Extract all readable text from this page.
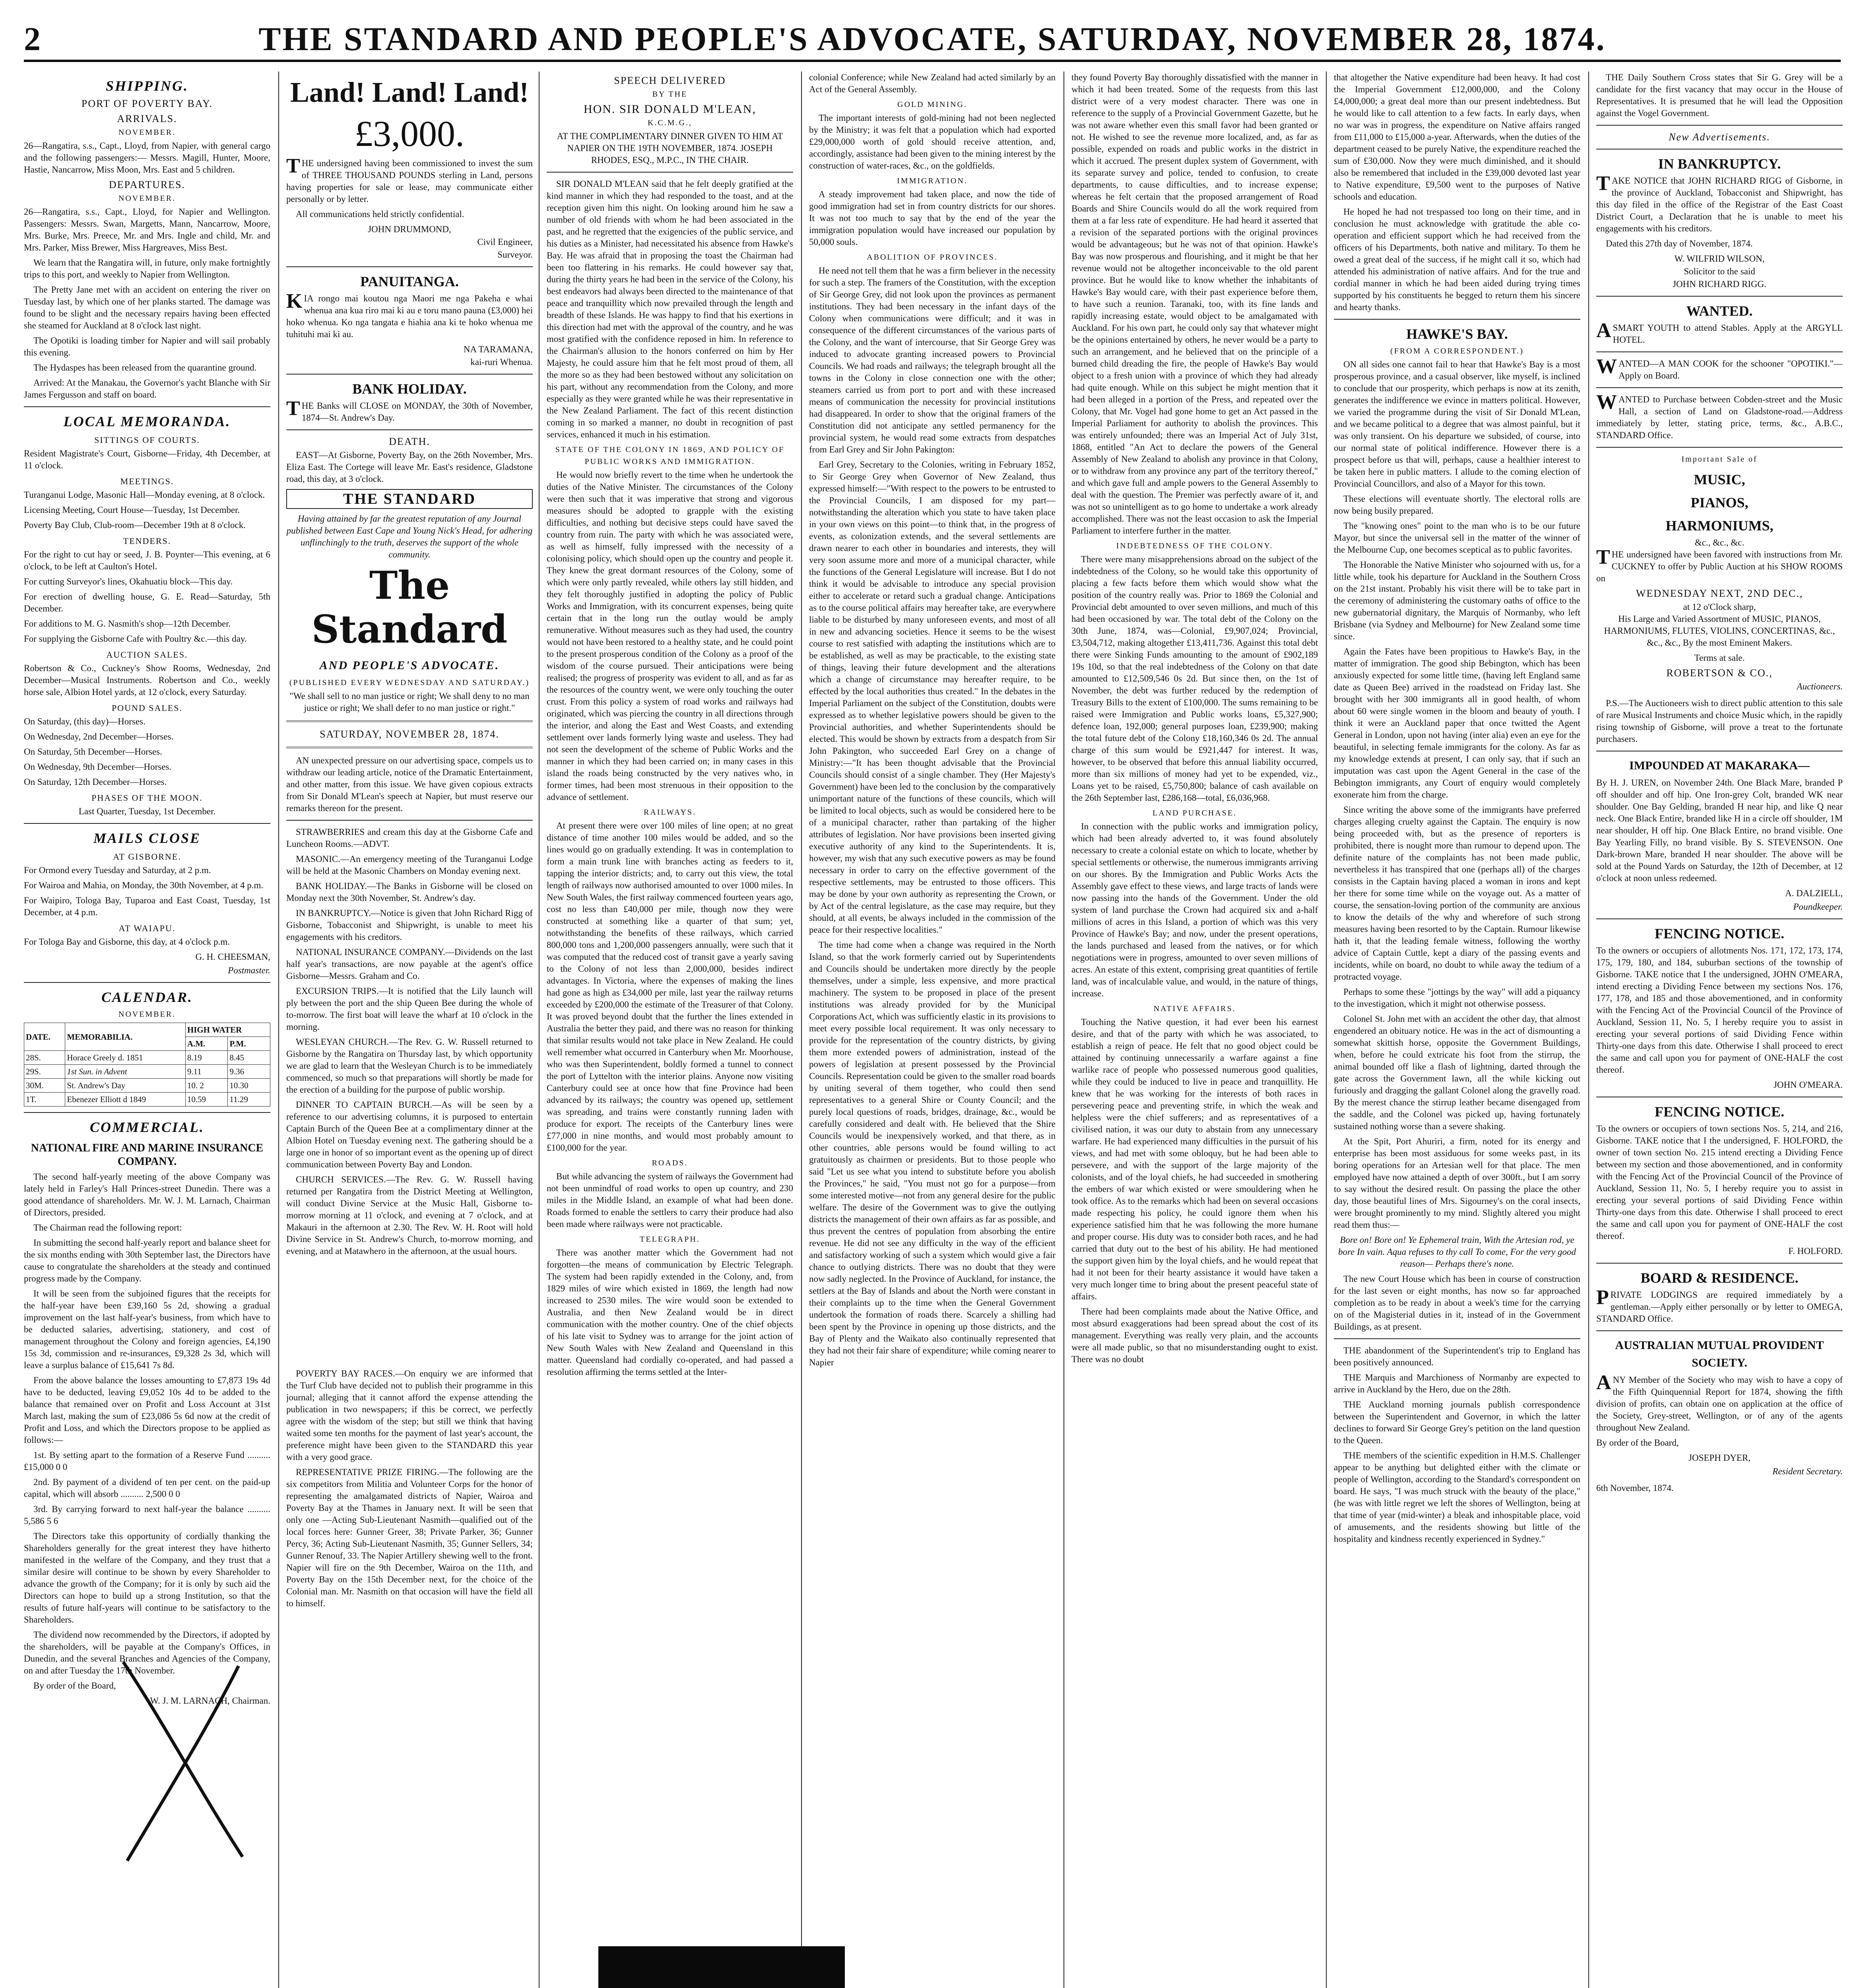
2	THE STANDARD AND PEOPLE'S ADVOCATE, SATURDAY, NOVEMBER 28, 1874.
SHIPPING.
PORT OF POVERTY BAY.
ARRIVALS.
NOVEMBER.

26—Rangatira, s.s., Capt., Lloyd, from Napier, with general cargo and the following passengers:— Messrs. Magill, Hunter, Moore, Hastie, Nancarrow, Miss Moon, Mrs. East and 5 children.

DEPARTURES.
NOVEMBER.

26—Rangatira, s.s., Capt., Lloyd, for Napier and Wellington. Passengers: Messrs. Swan, Margetts, Mann, Nancarrow, Moore, Mrs. Burke, Mrs. Preece, Mr. and Mrs. Ingle and child, Mr. and Mrs. Parker, Miss Brewer, Miss Hargreaves, Miss Best.

We learn that the Rangatira will, in future, only make fortnightly trips to this port, and weekly to Napier from Wellington.

The Pretty Jane met with an accident on entering the river on Tuesday last, by which one of her planks started. The damage was found to be slight and the necessary repairs having been effected she steamed for Auckland at 8 o'clock last night.

The Opotiki is loading timber for Napier and will sail probably this evening.

The Hydaspes has been released from the quarantine ground.

Arrived: At the Manakau, the Governor's yacht Blanche with Sir James Fergusson and staff on board.

LOCAL MEMORANDA.
SITTINGS OF COURTS.

Resident Magistrate's Court, Gisborne—Friday, 4th December, at 11 o'clock.

MEETINGS.

Turanganui Lodge, Masonic Hall—Monday evening, at 8 o'clock.

Licensing Meeting, Court House—Tuesday, 1st December.

Poverty Bay Club, Club-room—December 19th at 8 o'clock.

TENDERS.

For the right to cut hay or seed, J. B. Poynter—This evening, at 6 o'clock, to be left at Caulton's Hotel.

For cutting Surveyor's lines, Okahuatiu block—This day.

For erection of dwelling house, G. E. Read—Saturday, 5th December.

For additions to M. G. Nasmith's shop—12th December.

For supplying the Gisborne Cafe with Poultry &c.—this day.

AUCTION SALES.

Robertson & Co., Cuckney's Show Rooms, Wednesday, 2nd December—Musical Instruments. Robertson and Co., weekly horse sale, Albion Hotel yards, at 12 o'clock, every Saturday.

POUND SALES.

On Saturday, (this day)—Horses.

On Wednesday, 2nd December—Horses.

On Saturday, 5th December—Horses.

On Wednesday, 9th December—Horses.

On Saturday, 12th December—Horses.

PHASES OF THE MOON.

Last Quarter, Tuesday, 1st December.

MAILS CLOSE
AT GISBORNE.

For Ormond every Tuesday and Saturday, at 2 p.m.

For Wairoa and Mahia, on Monday, the 30th November, at 4 p.m.

For Waipiro, Tologa Bay, Tuparoa and East Coast, Tuesday, 1st December, at 4 p.m.

AT WAIAPU.

For Tologa Bay and Gisborne, this day, at 4 o'clock p.m.

G. H. CHEESMAN,
Postmaster.
CALENDAR.
NOVEMBER.
DATE.	MEMORABILIA.	HIGH WATER	
		A.M.	P.M.
28S.	Horace Greely d. 1851	8.19	8.45
29S.	1st Sun. in Advent	9.11	9.36
30M.	St. Andrew's Day	10. 2	10.30
1T.	Ebenezer Elliott d 1849	10.59	11.29
COMMERCIAL.
NATIONAL FIRE AND MARINE INSURANCE COMPANY.

The second half-yearly meeting of the above Company was lately held in Farley's Hall Princes-street Dunedin. There was a good attendance of shareholders. Mr. W. J. M. Larnach, Chairman of Directors, presided.

The Chairman read the following report:

In submitting the second half-yearly report and balance sheet for the six months ending with 30th September last, the Directors have cause to congratulate the shareholders at the steady and continued progress made by the Company.

It will be seen from the subjoined figures that the receipts for the half-year have been £39,160 5s 2d, showing a gradual improvement on the last half-year's business, from which have to be deducted salaries, advertising, stationery, and cost of management throughout the Colony and foreign agencies, £4,190 15s 3d, commission and re-insurances, £9,328 2s 3d, which will leave a surplus balance of £15,641 7s 8d.

From the above balance the losses amounting to £7,873 19s 4d have to be deducted, leaving £9,052 10s 4d to be added to the balance that remained over on Profit and Loss Account at 31st March last, making the sum of £23,086 5s 6d now at the credit of Profit and Loss, and which the Directors propose to be applied as follows:—

1st. By setting apart to the formation of a Reserve Fund .......... £15,000 0 0

2nd. By payment of a dividend of ten per cent. on the paid-up capital, which will absorb .......... 2,500 0 0

3rd. By carrying forward to next half-year the balance .......... 5,586 5 6

The Directors take this opportunity of cordially thanking the Shareholders generally for the great interest they have hitherto manifested in the welfare of the Company, and they trust that a similar desire will continue to be shown by every Shareholder to advance the growth of the Company; for it is only by such aid the Directors can hope to build up a strong Institution, so that the results of future half-years will continue to be satisfactory to the Shareholders.

The dividend now recommended by the Directors, if adopted by the shareholders, will be payable at the Company's Offices, in Dunedin, and the several Branches and Agencies of the Company, on and after Tuesday the 17th November.

By order of the Board,

W. J. M. LARNACH, Chairman.
Land! Land! Land!
£3,000.

THE undersigned having been commissioned to invest the sum of THREE THOUSAND POUNDS sterling in Land, persons having properties for sale or lease, may communicate either personally or by letter.

All communications held strictly confidential.

JOHN DRUMMOND,
Civil Engineer,
Surveyor.
PANUITANGA.

KIA rongo mai koutou nga Maori me nga Pakeha e whai whenua ana kua riro mai ki au e toru mano pauna (£3,000) hei hoko whenua. Ko nga tangata e hiahia ana ki te hoko whenua me tuhituhi mai ki au.

NA TARAMANA,
kai-ruri Whenua.
BANK HOLIDAY.

THE Banks will CLOSE on MONDAY, the 30th of November, 1874—St. Andrew's Day.

DEATH.

EAST—At Gisborne, Poverty Bay, on the 26th November, Mrs. Eliza East. The Cortege will leave Mr. East's residence, Gladstone road, this day, at 3 o'clock.

THE STANDARD

Having attained by far the greatest reputation of any Journal published between East Cape and Young Nick's Head, for adhering unflinchingly to the truth, deserves the support of the whole community.

The Standard
AND PEOPLE'S ADVOCATE.
(PUBLISHED EVERY WEDNESDAY AND SATURDAY.)

"We shall sell to no man justice or right; We shall deny to no man justice or right; We shall defer to no man justice or right."

SATURDAY, NOVEMBER 28, 1874.

AN unexpected pressure on our advertising space, compels us to withdraw our leading article, notice of the Dramatic Entertainment, and other matter, from this issue. We have given copious extracts from Sir Donald M'Lean's speech at Napier, but must reserve our remarks thereon for the present.

STRAWBERRIES and cream this day at the Gisborne Cafe and Luncheon Rooms.—ADVT.

MASONIC.—An emergency meeting of the Turanganui Lodge will be held at the Masonic Chambers on Monday evening next.

BANK HOLIDAY.—The Banks in Gisborne will be closed on Monday next the 30th November, St. Andrew's day.

IN BANKRUPTCY.—Notice is given that John Richard Rigg of Gisborne, Tobacconist and Shipwright, is unable to meet his engagements with his creditors.

NATIONAL INSURANCE COMPANY.—Dividends on the last half year's transactions, are now payable at the agent's office Gisborne—Messrs. Graham and Co.

EXCURSION TRIPS.—It is notified that the Lily launch will ply between the port and the ship Queen Bee during the whole of to-morrow. The first boat will leave the wharf at 10 o'clock in the morning.

WESLEYAN CHURCH.—The Rev. G. W. Russell returned to Gisborne by the Rangatira on Thursday last, by which opportunity we are glad to learn that the Wesleyan Church is to be immediately commenced, so much so that preparations will shortly be made for the erection of a building for the purpose of public worship.

DINNER TO CAPTAIN BURCH.—As will be seen by a reference to our advertising columns, it is purposed to entertain Captain Burch of the Queen Bee at a complimentary dinner at the Albion Hotel on Tuesday evening next. The gathering should be a large one in honor of so important event as the opening up of direct communication between Poverty Bay and London.

CHURCH SERVICES.—The Rev. G. W. Russell having returned per Rangatira from the District Meeting at Wellington, will conduct Divine Service at the Music Hall, Gisborne to-morrow morning at 11 o'clock, and evening at 7 o'clock, and at Makauri in the afternoon at 2.30. The Rev. W. H. Root will hold Divine Service in St. Andrew's Church, to-morrow morning, and evening, and at Matawhero in the afternoon, at the usual hours.

POVERTY BAY RACES.—On enquiry we are informed that the Turf Club have decided not to publish their programme in this journal; alleging that it cannot afford the expense attending the publication in two newspapers; if this be correct, we perfectly agree with the wisdom of the step; but still we think that having waited some ten months for the payment of last year's account, the preference might have been given to the STANDARD this year with a very good grace.

REPRESENTATIVE PRIZE FIRING.—The following are the six competitors from Militia and Volunteer Corps for the honor of representing the amalgamated districts of Napier, Wairoa and Poverty Bay at the Thames in January next. It will be seen that only one —Acting Sub-Lieutenant Nasmith—qualified out of the local forces here: Gunner Greer, 38; Private Parker, 36; Gunner Percy, 36; Acting Sub-Lieutenant Nasmith, 35; Gunner Sellers, 34; Gunner Renouf, 33. The Napier Artillery shewing well to the front. Napier will fire on the 9th December, Wairoa on the 11th, and Poverty Bay on the 15th December next, for the choice of the Colonial man. Mr. Nasmith on that occasion will have the field all to himself.

SPEECH DELIVERED
BY THE
HON. SIR DONALD M'LEAN,
K.C.M.G.,

AT THE COMPLIMENTARY DINNER GIVEN TO HIM AT NAPIER ON THE 19TH NOVEMBER, 1874. JOSEPH RHODES, ESQ., M.P.C., IN THE CHAIR.

SIR DONALD M'LEAN said that he felt deeply gratified at the kind manner in which they had responded to the toast, and at the reception given him this night. On looking around him he saw a number of old friends with whom he had been associated in the past, and he regretted that the exigencies of the public service, and his duties as a Minister, had necessitated his absence from Hawke's Bay. He was afraid that in proposing the toast the Chairman had been too flattering in his remarks. He could however say that, during the thirty years he had been in the service of the Colony, his best endeavors had always been directed to the maintenance of that peace and tranquillity which now prevailed through the length and breadth of these Islands. He was happy to find that his exertions in this direction had met with the approval of the country, and he was most gratified with the confidence reposed in him. In reference to the Chairman's allusion to the honors conferred on him by Her Majesty, he could assure him that he felt most proud of them, all the more so as they had been bestowed without any solicitation on his part, without any recommendation from the Colony, and more especially as they were granted while he was their representative in the New Zealand Parliament. The fact of this recent distinction coming in so marked a manner, no doubt in recognition of past services, enhanced it much in his estimation.

STATE OF THE COLONY IN 1869, AND POLICY OF PUBLIC WORKS AND IMMIGRATION.

He would now briefly revert to the time when he undertook the duties of the Native Minister. The circumstances of the Colony were then such that it was imperative that strong and vigorous measures should be adopted to grapple with the existing difficulties, and nothing but decisive steps could have saved the country from ruin. The party with which he was associated were, as well as himself, fully impressed with the necessity of a colonising policy, which should open up the country and people it. They knew the great dormant resources of the Colony, some of which were only partly revealed, while others lay still hidden, and they felt thoroughly justified in adopting the policy of Public Works and Immigration, with its concurrent expenses, being quite certain that in the long run the outlay would be amply remunerative. Without measures such as they had used, the country would not have been restored to a healthy state, and he could point to the present prosperous condition of the Colony as a proof of the wisdom of the course pursued. Their anticipations were being realised; the progress of prosperity was evident to all, and as far as the resources of the country went, we were only touching the outer crust. From this policy a system of road works and railways had originated, which was piercing the country in all directions through the interior, and along the East and West Coasts, and extending settlement over lands formerly lying waste and useless. They had not seen the development of the scheme of Public Works and the manner in which they had been carried on; in many cases in this island the roads being constructed by the very natives who, in former times, had been most strenuous in their opposition to the advance of settlement.

RAILWAYS.

At present there were over 100 miles of line open; at no great distance of time another 100 miles would be added, and so the lines would go on gradually extending. It was in contemplation to form a main trunk line with branches acting as feeders to it, tapping the interior districts; and, to carry out this view, the total length of railways now authorised amounted to over 1000 miles. In New South Wales, the first railway commenced fourteen years ago, cost no less than £40,000 per mile, though now they were constructed at something like a quarter of that sum; yet, notwithstanding the benefits of these railways, which carried 800,000 tons and 1,200,000 passengers annually, were such that it was computed that the reduced cost of transit gave a yearly saving to the Colony of not less than 2,000,000, besides indirect advantages. In Victoria, where the expenses of making the lines had gone as high as £34,000 per mile, last year the railway returns exceeded by £200,000 the estimate of the Treasurer of that Colony. It was proved beyond doubt that the further the lines extended in Australia the better they paid, and there was no reason for thinking that similar results would not take place in New Zealand. He could well remember what occurred in Canterbury when Mr. Moorhouse, who was then Superintendent, boldly formed a tunnel to connect the port of Lyttelton with the interior plains. Anyone now visiting Canterbury could see at once how that fine Province had been advanced by its railways; the country was opened up, settlement was spreading, and trains were constantly running laden with produce for export. The receipts of the Canterbury lines were £77,000 in nine months, and would most probably amount to £100,000 for the year.

ROADS.

But while advancing the system of railways the Government had not been unmindful of road works to open up country, and 230 miles in the Middle Island, an example of what had been done. Roads formed to enable the settlers to carry their produce had also been made where railways were not practicable.

TELEGRAPH.

There was another matter which the Government had not forgotten—the means of communication by Electric Telegraph. The system had been rapidly extended in the Colony, and, from 1829 miles of wire which existed in 1869, the length had now increased to 2530 miles. The wire would soon be extended to Australia, and then New Zealand would be in direct communication with the mother country. One of the chief objects of his late visit to Sydney was to arrange for the joint action of New South Wales with New Zealand and Queensland in this matter. Queensland had cordially co-operated, and had passed a resolution affirming the terms settled at the Inter-

colonial Conference; while New Zealand had acted similarly by an Act of the General Assembly.

GOLD MINING.

The important interests of gold-mining had not been neglected by the Ministry; it was felt that a population which had exported £29,000,000 worth of gold should receive attention, and, accordingly, assistance had been given to the mining interest by the construction of water-races, &c., on the goldfields.

IMMIGRATION.

A steady improvement had taken place, and now the tide of good immigration had set in from country districts for our shores. It was not too much to say that by the end of the year the immigration population would have increased our population by 50,000 souls.

ABOLITION OF PROVINCES.

He need not tell them that he was a firm believer in the necessity for such a step. The framers of the Constitution, with the exception of Sir George Grey, did not look upon the provinces as permanent institutions. They had been necessary in the infant days of the Colony when communications were difficult; and it was in consequence of the different circumstances of the various parts of the Colony, and the want of intercourse, that Sir George Grey was induced to advocate granting increased powers to Provincial Councils. We had roads and railways; the telegraph brought all the towns in the Colony in close connection one with the other; steamers carried us from port to port and with these increased means of communication the necessity for provincial institutions had disappeared. In order to show that the original framers of the Constitution did not anticipate any settled permanency for the provincial system, he would read some extracts from despatches from Earl Grey and Sir John Pakington:

Earl Grey, Secretary to the Colonies, writing in February 1852, to Sir George Grey when Governor of New Zealand, thus expressed himself:—"With respect to the powers to be entrusted to the Provincial Councils, I am disposed for my part—notwithstanding the alteration which you state to have taken place in your own views on this point—to think that, in the progress of events, as colonization extends, and the several settlements are drawn nearer to each other in boundaries and interests, they will very soon assume more and more of a municipal character, while the functions of the General Legislature will increase. But I do not think it would be advisable to introduce any special provision either to accelerate or retard such a gradual change. Anticipations as to the course political affairs may hereafter take, are everywhere liable to be disturbed by many unforeseen events, and most of all in new and advancing societies. Hence it seems to be the wisest course to rest satisfied with adapting the institutions which are to be established, as well as may be practicable, to the existing state of things, leaving their future development and the alterations which a change of circumstance may hereafter require, to be effected by the local authorities thus created." In the debates in the Imperial Parliament on the subject of the Constitution, doubts were expressed as to whether legislative powers should be given to the Provincial authorities, and whether Superintendents should be elected. This would be shown by extracts from a despatch from Sir John Pakington, who succeeded Earl Grey on a change of Ministry:—"It has been thought advisable that the Provincial Councils should consist of a single chamber. They (Her Majesty's Government) have been led to the conclusion by the comparatively unimportant nature of the functions of these councils, which will be limited to local objects, such as would be considered here to be of a municipal character, rather than partaking of the higher attributes of legislation. Nor have provisions been inserted giving executive authority of any kind to the Superintendents. It is, however, my wish that any such executive powers as may be found necessary in order to carry on the effective government of the respective settlements, may be entrusted to those officers. This may be done by your own authority as representing the Crown, or by Act of the central legislature, as the case may require, but they should, at all events, be always included in the commission of the peace for their respective localities."

The time had come when a change was required in the North Island, so that the work formerly carried out by Superintendents and Councils should be undertaken more directly by the people themselves, under a simple, less expensive, and more practical machinery. The system to be proposed in place of the present institutions was already provided for by the Municipal Corporations Act, which was sufficiently elastic in its provisions to meet every possible local requirement. It was only necessary to provide for the representation of the country districts, by giving them more extended powers of administration, instead of the powers of legislation at present possessed by the Provincial Councils. Representation could be given to the smaller road boards by uniting several of them together, who could then send representatives to a general Shire or County Council; and the purely local questions of roads, bridges, drainage, &c., would be carefully considered and dealt with. He believed that the Shire Councils would be inexpensively worked, and that there, as in other countries, able persons would be found willing to act gratuitously as chairmen or presidents. But to those people who said "Let us see what you intend to substitute before you abolish the Provinces," he said, "You must not go for a purpose—from some interested motive—not from any general desire for the public welfare. The desire of the Government was to give the outlying districts the management of their own affairs as far as possible, and thus prevent the centres of population from absorbing the entire revenue. He did not see any difficulty in the way of the efficient and satisfactory working of such a system which would give a fair chance to outlying districts. There was no doubt that they were now sadly neglected. In the Province of Auckland, for instance, the settlers at the Bay of Islands and about the North were constant in their complaints up to the time when the General Government undertook the formation of roads there. Scarcely a shilling had been spent by the Province in opening up those districts, and the Bay of Plenty and the Waikato also continually represented that they had not their fair share of expenditure; while coming nearer to Napier

they found Poverty Bay thoroughly dissatisfied with the manner in which it had been treated. Some of the requests from this last district were of a very modest character. There was one in reference to the supply of a Provincial Government Gazette, but he was not aware whether even this small favor had been granted or not. He wished to see the revenue more localized, and, as far as possible, expended on roads and public works in the district in which it accrued. The present duplex system of Government, with its separate survey and police, tended to confusion, to create departments, to cause difficulties, and to increase expense; whereas he felt certain that the proposed arrangement of Road Boards and Shire Councils would do all the work required from them at a far less rate of expenditure. He had heard it asserted that a revision of the separated portions with the original provinces would be advantageous; but he was not of that opinion. Hawke's Bay was now prosperous and flourishing, and it might be that her revenue would not be altogether inconceivable to the old parent province. But he would like to know whether the inhabitants of Hawke's Bay would care, with their past experience before them, to have such a reunion. Taranaki, too, with its fine lands and rapidly increasing estate, would object to be amalgamated with Auckland. For his own part, he could only say that whatever might be the opinions entertained by others, he never would be a party to such an arrangement, and he believed that on the principle of a burned child dreading the fire, the people of Hawke's Bay would object to a fresh union with a province of which they had already had quite enough. While on this subject he might mention that it had been alleged in a portion of the Press, and repeated over the Colony, that Mr. Vogel had gone home to get an Act passed in the Imperial Parliament for authority to abolish the provinces. This was entirely unfounded; there was an Imperial Act of July 31st, 1868, entitled "An Act to declare the powers of the General Assembly of New Zealand to abolish any province in that Colony, or to withdraw from any province any part of the territory thereof," and which gave full and ample powers to the General Assembly to deal with the question. The Premier was perfectly aware of it, and was not so unintelligent as to go home to undertake a work already accomplished. There was not the least occasion to ask the Imperial Parliament to interfere further in the matter.

INDEBTEDNESS OF THE COLONY.

There were many misapprehensions abroad on the subject of the indebtedness of the Colony, so he would take this opportunity of placing a few facts before them which would show what the position of the country really was. Prior to 1869 the Colonial and Provincial debt amounted to over seven millions, and much of this had been occasioned by war. The total debt of the Colony on the 30th June, 1874, was—Colonial, £9,907,024; Provincial, £3,504,712, making altogether £13,411,736. Against this total debt there were Sinking Funds amounting to the amount of £902,189 19s 10d, so that the real indebtedness of the Colony on that date amounted to £12,509,546 0s 2d. But since then, on the 1st of November, the debt was further reduced by the redemption of Treasury Bills to the extent of £100,000. The sums remaining to be raised were Immigration and Public works loans, £5,327,900; defence loan, 192,000; general purposes loan, £239,900; making the total future debt of the Colony £18,160,346 0s 2d. The annual charge of this sum would be £921,447 for interest. It was, however, to be observed that before this annual liability occurred, more than six millions of money had yet to be expended, viz., Loans yet to be raised, £5,750,800; balance of cash available on the 26th September last, £286,168—total, £6,036,968.

LAND PURCHASE.

In connection with the public works and immigration policy, which had been already adverted to, it was found absolutely necessary to create a colonial estate on which to locate, whether by special settlements or otherwise, the numerous immigrants arriving on our shores. By the Immigration and Public Works Acts the Assembly gave effect to these views, and large tracts of lands were now passing into the hands of the Government. Under the old system of land purchase the Crown had acquired six and a-half millions of acres in this Island, a portion of which was this very Province of Hawke's Bay; and now, under the present operations, the lands purchased and leased from the natives, or for which negotiations were in progress, amounted to over seven millions of acres. An estate of this extent, comprising great quantities of fertile land, was of incalculable value, and would, in the nature of things, increase.

NATIVE AFFAIRS.

Touching the Native question, it had ever been his earnest desire, and that of the party with which he was associated, to establish a reign of peace. He felt that no good object could be attained by continuing unnecessarily a warfare against a fine warlike race of people who possessed numerous good qualities, while they could be induced to live in peace and tranquillity. He knew that he was working for the interests of both races in persevering peace and preventing strife, in which the weak and helpless were the chief sufferers; and as representatives of a civilised nation, it was our duty to abstain from any unnecessary warfare. He had experienced many difficulties in the pursuit of his views, and had met with some obloquy, but he had been able to persevere, and with the support of the large majority of the colonists, and of the loyal chiefs, he had succeeded in smothering the embers of war which existed or were smouldering when he took office. As to the remarks which had been on several occasions made respecting his policy, he could ignore them when his experience satisfied him that he was following the more humane and proper course. His duty was to consider both races, and he had carried that duty out to the best of his ability. He had mentioned the support given him by the loyal chiefs, and he would repeat that had it not been for their hearty assistance it would have taken a very much longer time to bring about the present peaceful state of affairs.

There had been complaints made about the Native Office, and most absurd exaggerations had been spread about the cost of its management. Everything was really very plain, and the accounts were all made public, so that no misunderstanding ought to exist. There was no doubt

that altogether the Native expenditure had been heavy. It had cost the Imperial Government £12,000,000, and the Colony £4,000,000; a great deal more than our present indebtedness. But he would like to call attention to a few facts. In early days, when no war was in progress, the expenditure on Native affairs ranged from £11,000 to £15,000 a-year. Afterwards, when the duties of the department ceased to be purely Native, the expenditure reached the sum of £30,000. Now they were much diminished, and it should also be remembered that included in the £39,000 devoted last year to Native expenditure, £9,500 went to the purposes of Native schools and education.

He hoped he had not trespassed too long on their time, and in conclusion he must acknowledge with gratitude the able co-operation and efficient support which he had received from the officers of his Departments, both native and military. To them he owed a great deal of the success, if he might call it so, which had attended his administration of native affairs. And for the true and cordial manner in which he had been aided during trying times supported by his constituents he begged to return them his sincere and hearty thanks.

HAWKE'S BAY.
(FROM A CORRESPONDENT.)

ON all sides one cannot fail to hear that Hawke's Bay is a most prosperous province, and a casual observer, like myself, is inclined to conclude that our prosperity, which perhaps is now at its zenith, generates the indifference we evince in matters political. However, we varied the programme during the visit of Sir Donald M'Lean, and we became political to a degree that was almost painful, but it was only transient. On his departure we subsided, of course, into our normal state of political indifference. However there is a prospect before us that will, perhaps, cause a healthier interest to be taken here in public matters. I allude to the coming election of Provincial Councillors, and also of a Mayor for this town.

These elections will eventuate shortly. The electoral rolls are now being busily prepared.

The "knowing ones" point to the man who is to be our future Mayor, but since the universal sell in the matter of the winner of the Melbourne Cup, one becomes sceptical as to public favorites.

The Honorable the Native Minister who sojourned with us, for a little while, took his departure for Auckland in the Southern Cross on the 21st instant. Probably his visit there will be to take part in the ceremony of administering the customary oaths of office to the new gubernatorial dignitary, the Marquis of Normanby, who left Brisbane (via Sydney and Melbourne) for New Zealand some time since.

Again the Fates have been propitious to Hawke's Bay, in the matter of immigration. The good ship Bebington, which has been anxiously expected for some little time, (having left England same date as Queen Bee) arrived in the roadstead on Friday last. She brought with her 300 immigrants all in good health, of whom about 60 were single women in the bloom and beauty of youth. I think it were an Auckland paper that once twitted the Agent General in London, upon not having (inter alia) even an eye for the beautiful, in selecting female immigrants for the colony. As far as my knowledge extends at present, I can only say, that if such an imputation was cast upon the Agent General in the case of the Bebington immigrants, any Court of enquiry would completely exonerate him from the charge.

Since writing the above some of the immigrants have preferred charges alleging cruelty against the Captain. The enquiry is now being proceeded with, but as the presence of reporters is prohibited, there is nought more than rumour to depend upon. The definite nature of the complaints has not been made public, nevertheless it has transpired that one (perhaps all) of the charges consists in the Captain having placed a woman in irons and kept her there for some time while on the voyage out. As a matter of course, the sensation-loving portion of the community are anxious to know the details of the why and wherefore of such strong measures having been resorted to by the Captain. Rumour likewise hath it, that the leading female witness, following the worthy advice of Captain Cuttle, kept a diary of the passing events and incidents, while on board, no doubt to while away the tedium of a protracted voyage.

Perhaps to some these "jottings by the way" will add a piquancy to the investigation, which it might not otherwise possess.

Colonel St. John met with an accident the other day, that almost engendered an obituary notice. He was in the act of dismounting a somewhat skittish horse, opposite the Government Buildings, when, before he could extricate his foot from the stirrup, the animal bounded off like a flash of lightning, darted through the gate across the Government lawn, all the while kicking out furiously and dragging the gallant Colonel along the gravelly road. By the merest chance the stirrup leather became disengaged from the saddle, and the Colonel was picked up, having fortunately sustained nothing worse than a severe shaking.

At the Spit, Port Ahuriri, a firm, noted for its energy and enterprise has been most assiduous for some weeks past, in its boring operations for an Artesian well for that place. The men employed have now attained a depth of over 300ft., but I am sorry to say without the desired result. On passing the place the other day, those beautiful lines of Mrs. Sigourney's on the coral insects, were brought prominently to my mind. Slightly altered you might read them thus:—

Bore on! Bore on! Ye Ephemeral train, With the Artesian rod, ye bore In vain. Aqua refuses to thy call To come, For the very good reason— Perhaps there's none.

The new Court House which has been in course of construction for the last seven or eight months, has now so far approached completion as to be ready in about a week's time for the carrying on of the Magisterial duties in it, instead of in the Government Buildings, as at present.

THE abandonment of the Superintendent's trip to England has been positively announced.

THE Marquis and Marchioness of Normanby are expected to arrive in Auckland by the Hero, due on the 28th.

THE Auckland morning journals publish correspondence between the Superintendent and Governor, in which the latter declines to forward Sir George Grey's petition on the land question to the Queen.

THE members of the scientific expedition in H.M.S. Challenger appear to be anything but delighted either with the climate or people of Wellington, according to the Standard's correspondent on board. He says, "I was much struck with the beauty of the place," (he was with little regret we left the shores of Wellington, being at that time of year (mid-winter) a bleak and inhospitable place, void of amusements, and the residents showing but little of the hospitality and kindness recently experienced in Sydney."

THE Daily Southern Cross states that Sir G. Grey will be a candidate for the first vacancy that may occur in the House of Representatives. It is presumed that he will lead the Opposition against the Vogel Government.

New Advertisements.
IN BANKRUPTCY.

TAKE NOTICE that JOHN RICHARD RIGG of Gisborne, in the province of Auckland, Tobacconist and Shipwright, has this day filed in the office of the Registrar of the East Coast District Court, a Declaration that he is unable to meet his engagements with his creditors.

Dated this 27th day of November, 1874.

W. WILFRID WILSON,
Solicitor to the said
JOHN RICHARD RIGG.
WANTED.

ASMART YOUTH to attend Stables. Apply at the ARGYLL HOTEL.

WANTED—A MAN COOK for the schooner "OPOTIKI."—Apply on Board.

WANTED to Purchase between Cobden-street and the Music Hall, a section of Land on Gladstone-road.—Address immediately by letter, stating price, terms, &c., A.B.C., STANDARD Office.

Important Sale of
MUSIC,
PIANOS,
HARMONIUMS,
&c., &c., &c.

THE undersigned have been favored with instructions from Mr. CUCKNEY to offer by Public Auction at his SHOW ROOMS on

WEDNESDAY NEXT, 2ND DEC.,
at 12 o'Clock sharp,

His Large and Varied Assortment of MUSIC, PIANOS, HARMONIUMS, FLUTES, VIOLINS, CONCERTINAS, &c., &c., &c., By the most Eminent Makers.

Terms at sale.
ROBERTSON & CO.,
Auctioneers.

P.S.—The Auctioneers wish to direct public attention to this sale of rare Musical Instruments and choice Music which, in the rapidly rising township of Gisborne, will prove a treat to the fortunate purchasers.

IMPOUNDED AT MAKARAKA—

By H. J. UREN, on November 24th. One Black Mare, branded P off shoulder and off hip. One Iron-grey Colt, branded WK near shoulder. One Bay Gelding, branded H near hip, and like Q near neck. One Black Entire, branded like H in a circle off shoulder, 1M near shoulder, H off hip. One Black Entire, no brand visible. One Bay Yearling Filly, no brand visible. By S. STEVENSON. One Dark-brown Mare, branded H near shoulder. The above will be sold at the Pound Yards on Saturday, the 12th of December, at 12 o'clock at noon unless redeemed.

A. DALZIELL,
Poundkeeper.
FENCING NOTICE.

To the owners or occupiers of allotments Nos. 171, 172, 173, 174, 175, 179, 180, and 184, suburban sections of the township of Gisborne. TAKE notice that I the undersigned, JOHN O'MEARA, intend erecting a Dividing Fence between my sections Nos. 176, 177, 178, and 185 and those abovementioned, and in conformity with the Fencing Act of the Provincial Council of the Province of Auckland, Session 11, No. 5, I hereby require you to assist in erecting your several portions of said Dividing Fence within Thirty-one days from this date. Otherwise I shall proceed to erect the same and call upon you for payment of ONE-HALF the cost thereof.

JOHN O'MEARA.
FENCING NOTICE.

To the owners or occupiers of town sections Nos. 5, 214, and 216, Gisborne. TAKE notice that I the undersigned, F. HOLFORD, the owner of town section No. 215 intend erecting a Dividing Fence between my section and those abovementioned, and in conformity with the Fencing Act of the Provincial Council of the Province of Auckland, Session 11, No. 5, I hereby require you to assist in erecting your several portions of said Dividing Fence within Thirty-one days from this date. Otherwise I shall proceed to erect the same and call upon you for payment of ONE-HALF the cost thereof.

F. HOLFORD.
BOARD & RESIDENCE.

PRIVATE LODGINGS are required immediately by a gentleman.—Apply either personally or by letter to OMEGA, STANDARD Office.

AUSTRALIAN MUTUAL PROVIDENT SOCIETY.

ANY Member of the Society who may wish to have a copy of the Fifth Quinquennial Report for 1874, showing the fifth division of profits, can obtain one on application at the office of the Society, Grey-street, Wellington, or of any of the agents throughout New Zealand.

By order of the Board,

JOSEPH DYER,
Resident Secretary.

6th November, 1874.
